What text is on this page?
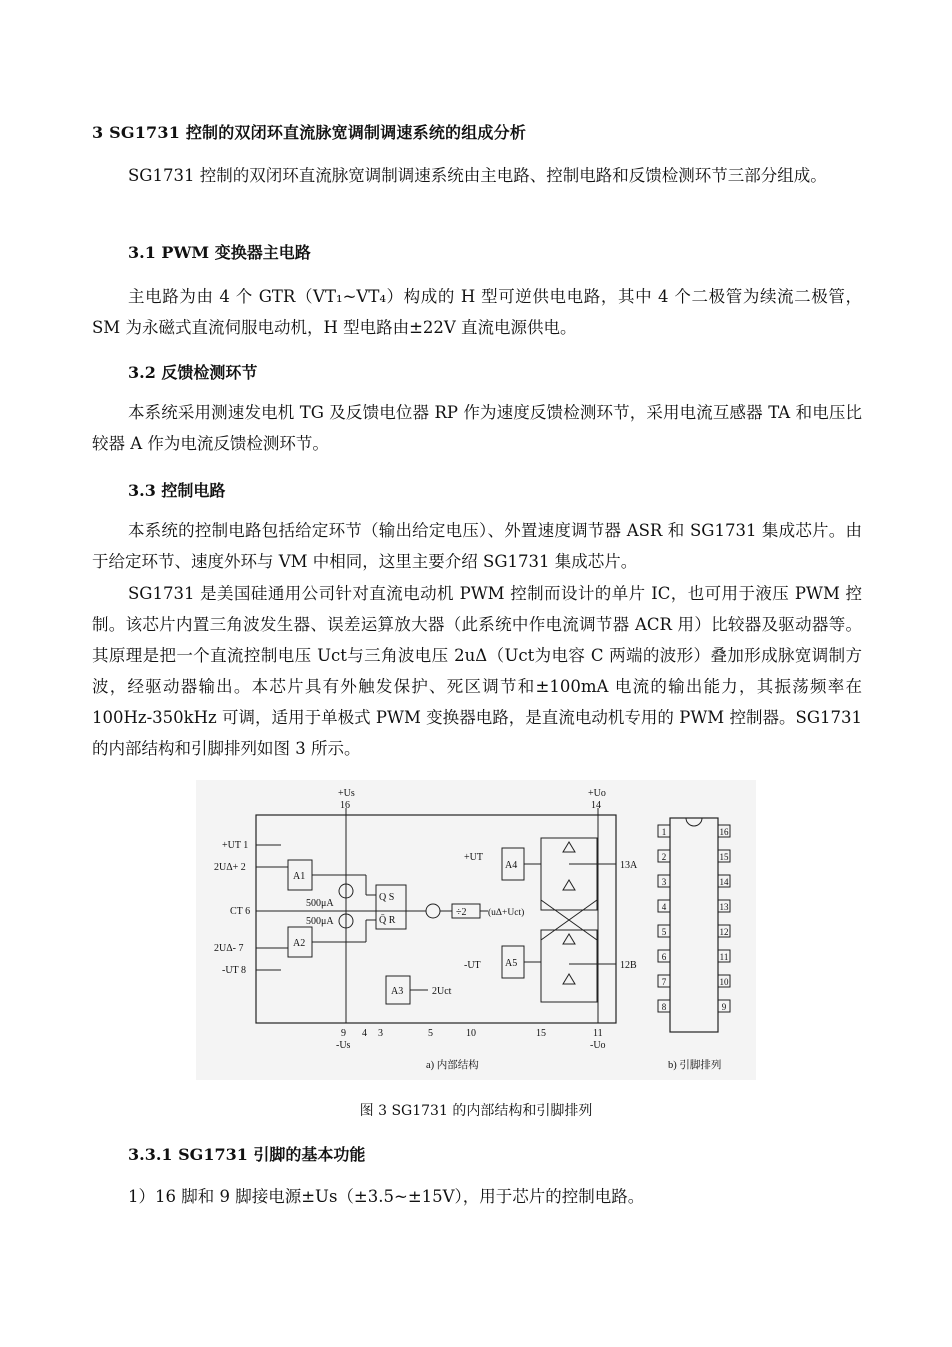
3 SG1731 控制的双闭环直流脉宽调制调速系统的组成分析

SG1731 控制的双闭环直流脉宽调制调速系统由主电路、控制电路和反馈检测环节三部分组成。

3.1 PWM 变换器主电路

主电路为由 4 个 GTR（VT₁~VT₄）构成的 H 型可逆供电电路，其中 4 个二极管为续流二极管，SM 为永磁式直流伺服电动机，H 型电路由±22V 直流电源供电。

3.2 反馈检测环节

本系统采用测速发电机 TG 及反馈电位器 RP 作为速度反馈检测环节，采用电流互感器 TA 和电压比较器 A 作为电流反馈检测环节。

3.3 控制电路

本系统的控制电路包括给定环节（输出给定电压）、外置速度调节器 ASR 和 SG1731 集成芯片。由于给定环节、速度外环与 VM 中相同，这里主要介绍 SG1731 集成芯片。

SG1731 是美国硅通用公司针对直流电动机 PWM 控制而设计的单片 IC，也可用于液压 PWM 控制。该芯片内置三角波发生器、误差运算放大器（此系统中作电流调节器 ACR 用）比较器及驱动器等。其原理是把一个直流控制电压 Uct与三角波电压 2uΔ（Uct为电容 C 两端的波形）叠加形成脉宽调制方波，经驱动器输出。本芯片具有外触发保护、死区调节和±100mA 电流的输出能力，其振荡频率在 100Hz-350kHz 可调，适用于单极式 PWM 变换器电路，是直流电动机专用的 PWM 控制器。SG1731 的内部结构和引脚排列如图 3 所示。

+Us
16
+Uo
14
+UT 1
2UΔ+ 2
CT 6
2UΔ- 7
-UT 8
A1
A2
500μA
500μA
Q S
Q̄ R
÷2 (uΔ+Uct)
A4
+UT
A5
-UT
13A
12B
A3	2Uct
9 4 3	5	10	15	11
-Us	-Uo
1	16
2	15
3	14
4	13
5	12
6	11
7	10
8	9
a) 内部结构	b) 引脚排列
图 3 SG1731 的内部结构和引脚排列
3.3.1 SG1731 引脚的基本功能
1）16 脚和 9 脚接电源±Us（±3.5~±15V），用于芯片的控制电路。
